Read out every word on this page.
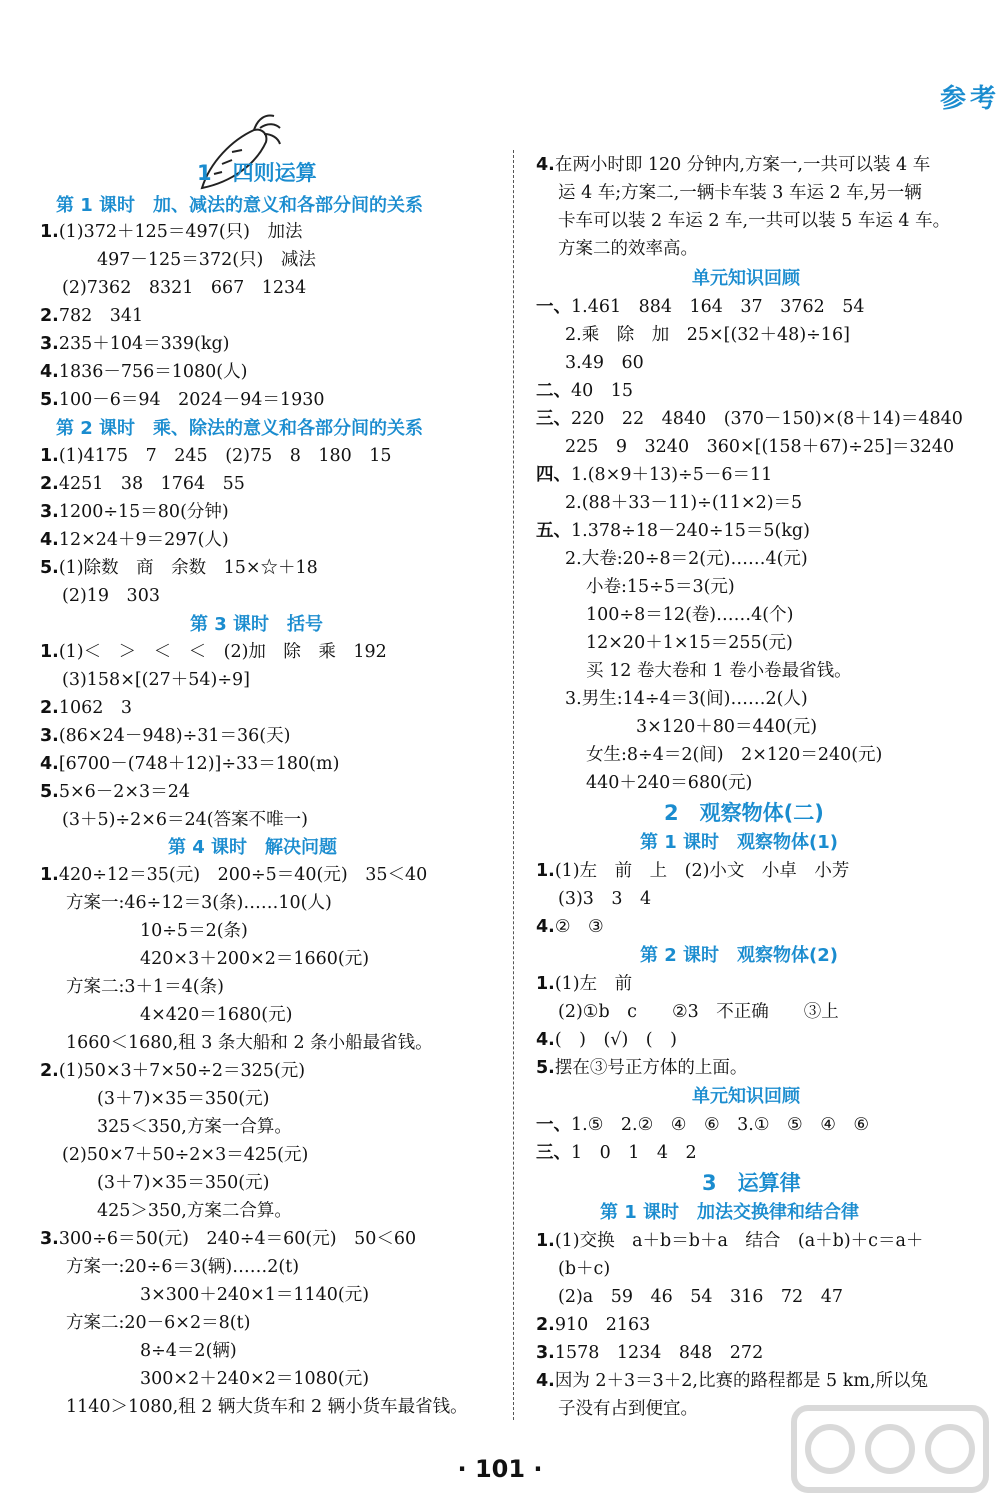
参考
1　四则运算
第 1 课时　加、减法的意义和各部分间的关系
1.(1)372＋125＝497(只)　加法
497－125＝372(只)　减法
(2)7362　8321　667　1234
2.782　341
3.235＋104＝339(kg)
4.1836－756＝1080(人)
5.100－6＝94　2024－94＝1930
第 2 课时　乘、除法的意义和各部分间的关系
1.(1)4175　7　245　(2)75　8　180　15
2.4251　38　1764　55
3.1200÷15＝80(分钟)
4.12×24＋9＝297(人)
5.(1)除数　商　余数　15×☆＋18
(2)19　303
第 3 课时　括号
1.(1)＜　＞　＜　＜　(2)加　除　乘　192
(3)158×[(27＋54)÷9]
2.1062　3
3.(86×24－948)÷31＝36(天)
4.[6700－(748＋12)]÷33＝180(m)
5.5×6－2×3＝24
(3＋5)÷2×6＝24(答案不唯一)
第 4 课时　解决问题
1.420÷12＝35(元)　200÷5＝40(元)　35＜40
方案一:46÷12＝3(条)……10(人)
10÷5＝2(条)
420×3＋200×2＝1660(元)
方案二:3＋1＝4(条)
4×420＝1680(元)
1660＜1680,租 3 条大船和 2 条小船最省钱。
2.(1)50×3＋7×50÷2＝325(元)
(3＋7)×35＝350(元)
325＜350,方案一合算。
(2)50×7＋50÷2×3＝425(元)
(3＋7)×35＝350(元)
425＞350,方案二合算。
3.300÷6＝50(元)　240÷4＝60(元)　50＜60
方案一:20÷6＝3(辆)……2(t)
3×300＋240×1＝1140(元)
方案二:20－6×2＝8(t)
8÷4＝2(辆)
300×2＋240×2＝1080(元)
1140＞1080,租 2 辆大货车和 2 辆小货车最省钱。
4.在两小时即 120 分钟内,方案一,一共可以装 4 车
运 4 车;方案二,一辆卡车装 3 车运 2 车,另一辆
卡车可以装 2 车运 2 车,一共可以装 5 车运 4 车。
方案二的效率高。
单元知识回顾
一、1.461　884　164　37　3762　54
2.乘　除　加　25×[(32＋48)÷16]
3.49　60
二、40　15
三、220　22　4840　(370－150)×(8＋14)＝4840
225　9　3240　360×[(158＋67)÷25]＝3240
四、1.(8×9＋13)÷5－6＝11
2.(88＋33－11)÷(11×2)＝5
五、1.378÷18－240÷15＝5(kg)
2.大卷:20÷8＝2(元)……4(元)
小卷:15÷5＝3(元)
100÷8＝12(卷)……4(个)
12×20＋1×15＝255(元)
买 12 卷大卷和 1 卷小卷最省钱。
3.男生:14÷4＝3(间)……2(人)
3×120＋80＝440(元)
女生:8÷4＝2(间)　2×120＝240(元)
440＋240＝680(元)
2　观察物体(二)
第 1 课时　观察物体(1)
1.(1)左　前　上　(2)小文　小卓　小芳
(3)3　3　4
4.②　③
第 2 课时　观察物体(2)
1.(1)左　前
(2)①b　c　　②3　不正确　　③上
4.(　)　(√)　(　)
5.摆在③号正方体的上面。
单元知识回顾
一、1.⑤　2.②　④　⑥　3.①　⑤　④　⑥
三、1　0　1　4　2
3　运算律
第 1 课时　加法交换律和结合律
1.(1)交换　a＋b＝b＋a　结合　(a＋b)＋c＝a＋
(b＋c)
(2)a　59　46　54　316　72　47
2.910　2163
3.1578　1234　848　272
4.因为 2＋3＝3＋2,比赛的路程都是 5 km,所以兔
子没有占到便宜。
· 101 ·
